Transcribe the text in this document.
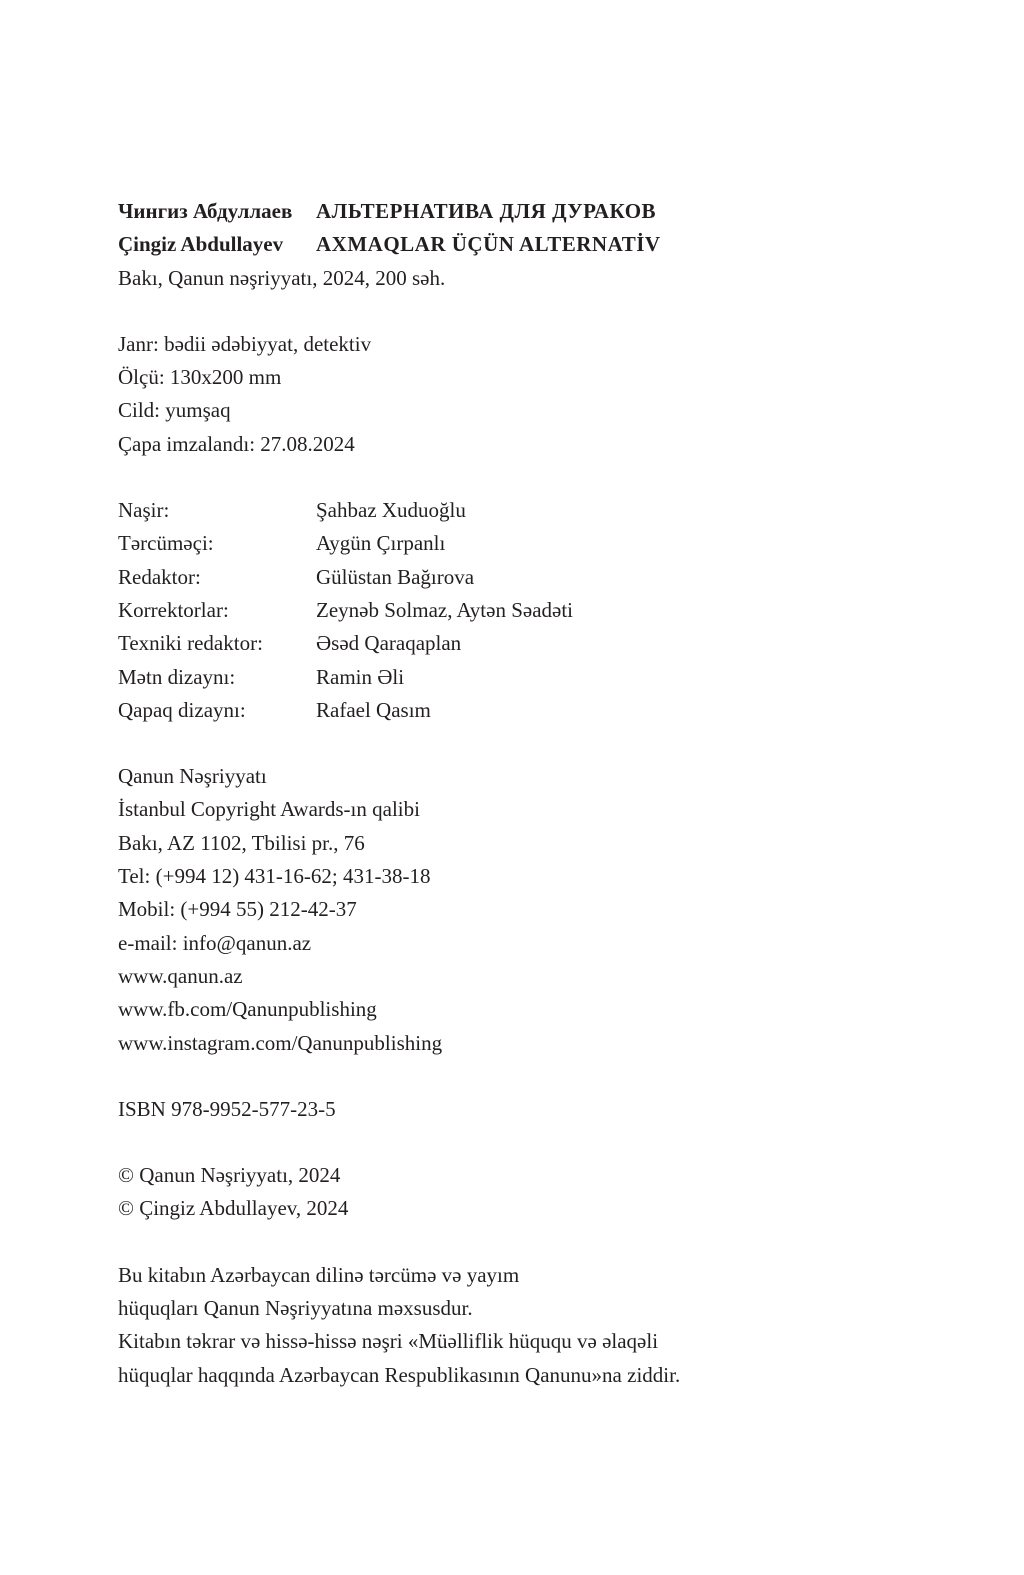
Чингиз Абдуллаев АЛЬТЕРНАТИВА ДЛЯ ДУРАКОВ
Çingiz Abdullayev AXMAQLAR ÜÇÜN ALTERNATİV
Bakı, Qanun nəşriyyatı, 2024, 200 səh.
Janr: bədii ədəbiyyat, detektiv
Ölçü: 130x200 mm
Cild: yumşaq
Çapa imzalandı: 27.08.2024
Naşir:	Şahbaz Xuduoğlu
Tərcüməçi:	Aygün Çırpanlı
Redaktor:	Gülüstan Bağırova
Korrektorlar:	Zeynəb Solmaz, Aytən Səadəti
Texniki redaktor:	Əsəd Qaraqaplan
Mətn dizaynı:	Ramin Əli
Qapaq dizaynı:	Rafael Qasım
Qanun Nəşriyyatı
İstanbul Copyright Awards-ın qalibi
Bakı, AZ 1102, Tbilisi pr., 76
Tel: (+994 12) 431-16-62; 431-38-18
Mobil: (+994 55) 212-42-37
e-mail: info@qanun.az
www.qanun.az
www.fb.com/Qanunpublishing
www.instagram.com/Qanunpublishing
ISBN 978-9952-577-23-5
© Qanun Nəşriyyatı, 2024
© Çingiz Abdullayev, 2024
Bu kitabın Azərbaycan dilinə tərcümə və yayım
hüquqları Qanun Nəşriyyatına məxsusdur.
Kitabın təkrar və hissə-hissə nəşri «Müəlliflik hüququ və əlaqəli
hüquqlar haqqında Azərbaycan Respublikasının Qanunu»na ziddir.
